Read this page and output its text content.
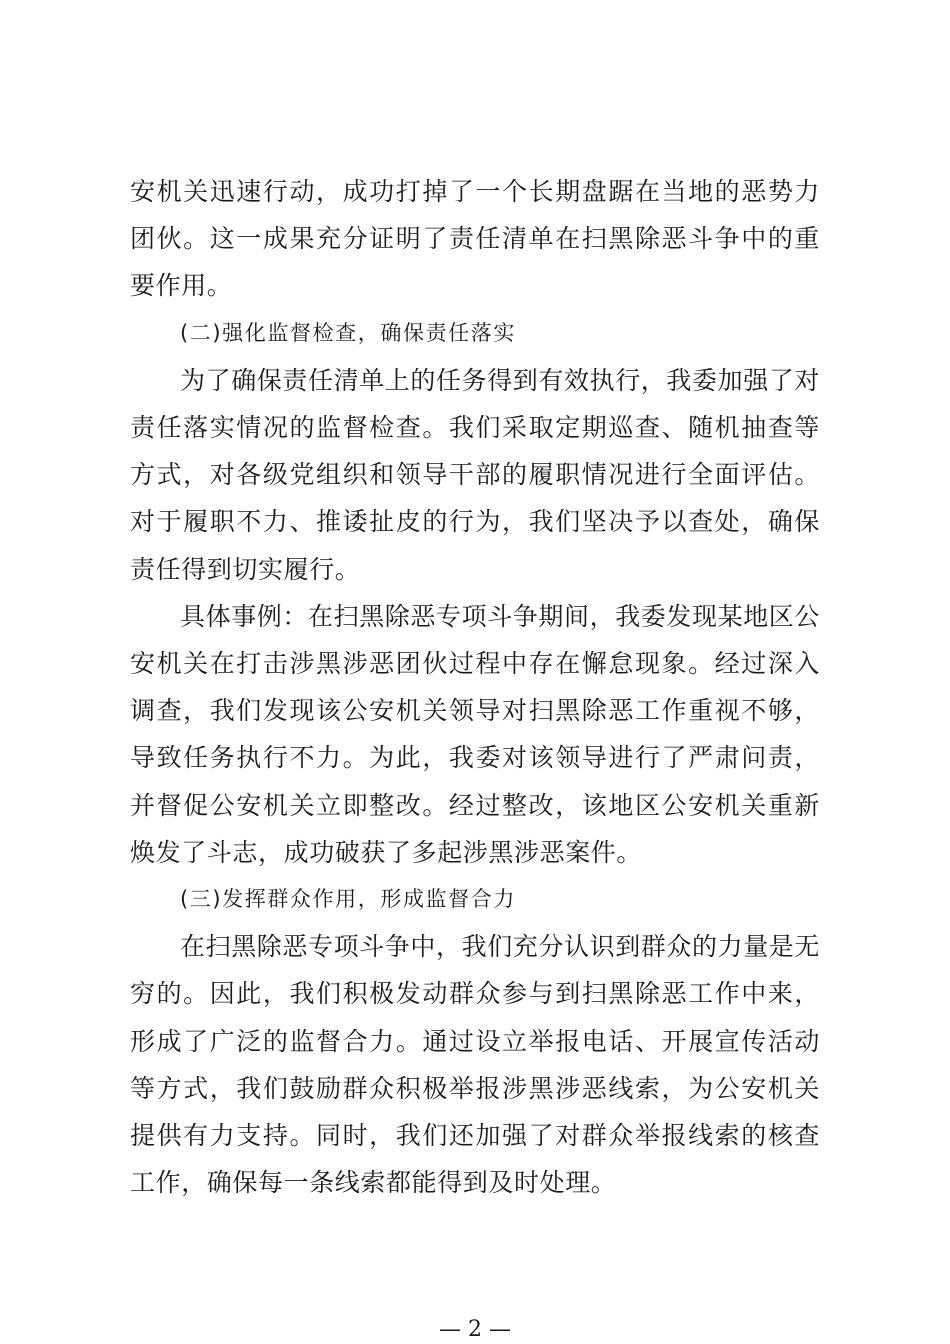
安机关迅速行动，成功打掉了一个长期盘踞在当地的恶势力团伙。这一成果充分证明了责任清单在扫黑除恶斗争中的重要作用。

(二)强化监督检查，确保责任落实

为了确保责任清单上的任务得到有效执行，我委加强了对责任落实情况的监督检查。我们采取定期巡查、随机抽查等方式，对各级党组织和领导干部的履职情况进行全面评估。对于履职不力、推诿扯皮的行为，我们坚决予以查处，确保责任得到切实履行。

具体事例：在扫黑除恶专项斗争期间，我委发现某地区公安机关在打击涉黑涉恶团伙过程中存在懈怠现象。经过深入调查，我们发现该公安机关领导对扫黑除恶工作重视不够，导致任务执行不力。为此，我委对该领导进行了严肃问责，并督促公安机关立即整改。经过整改，该地区公安机关重新焕发了斗志，成功破获了多起涉黑涉恶案件。

(三)发挥群众作用，形成监督合力

在扫黑除恶专项斗争中，我们充分认识到群众的力量是无穷的。因此，我们积极发动群众参与到扫黑除恶工作中来，形成了广泛的监督合力。通过设立举报电话、开展宣传活动等方式，我们鼓励群众积极举报涉黑涉恶线索，为公安机关提供有力支持。同时，我们还加强了对群众举报线索的核查工作，确保每一条线索都能得到及时处理。

— 2 —
